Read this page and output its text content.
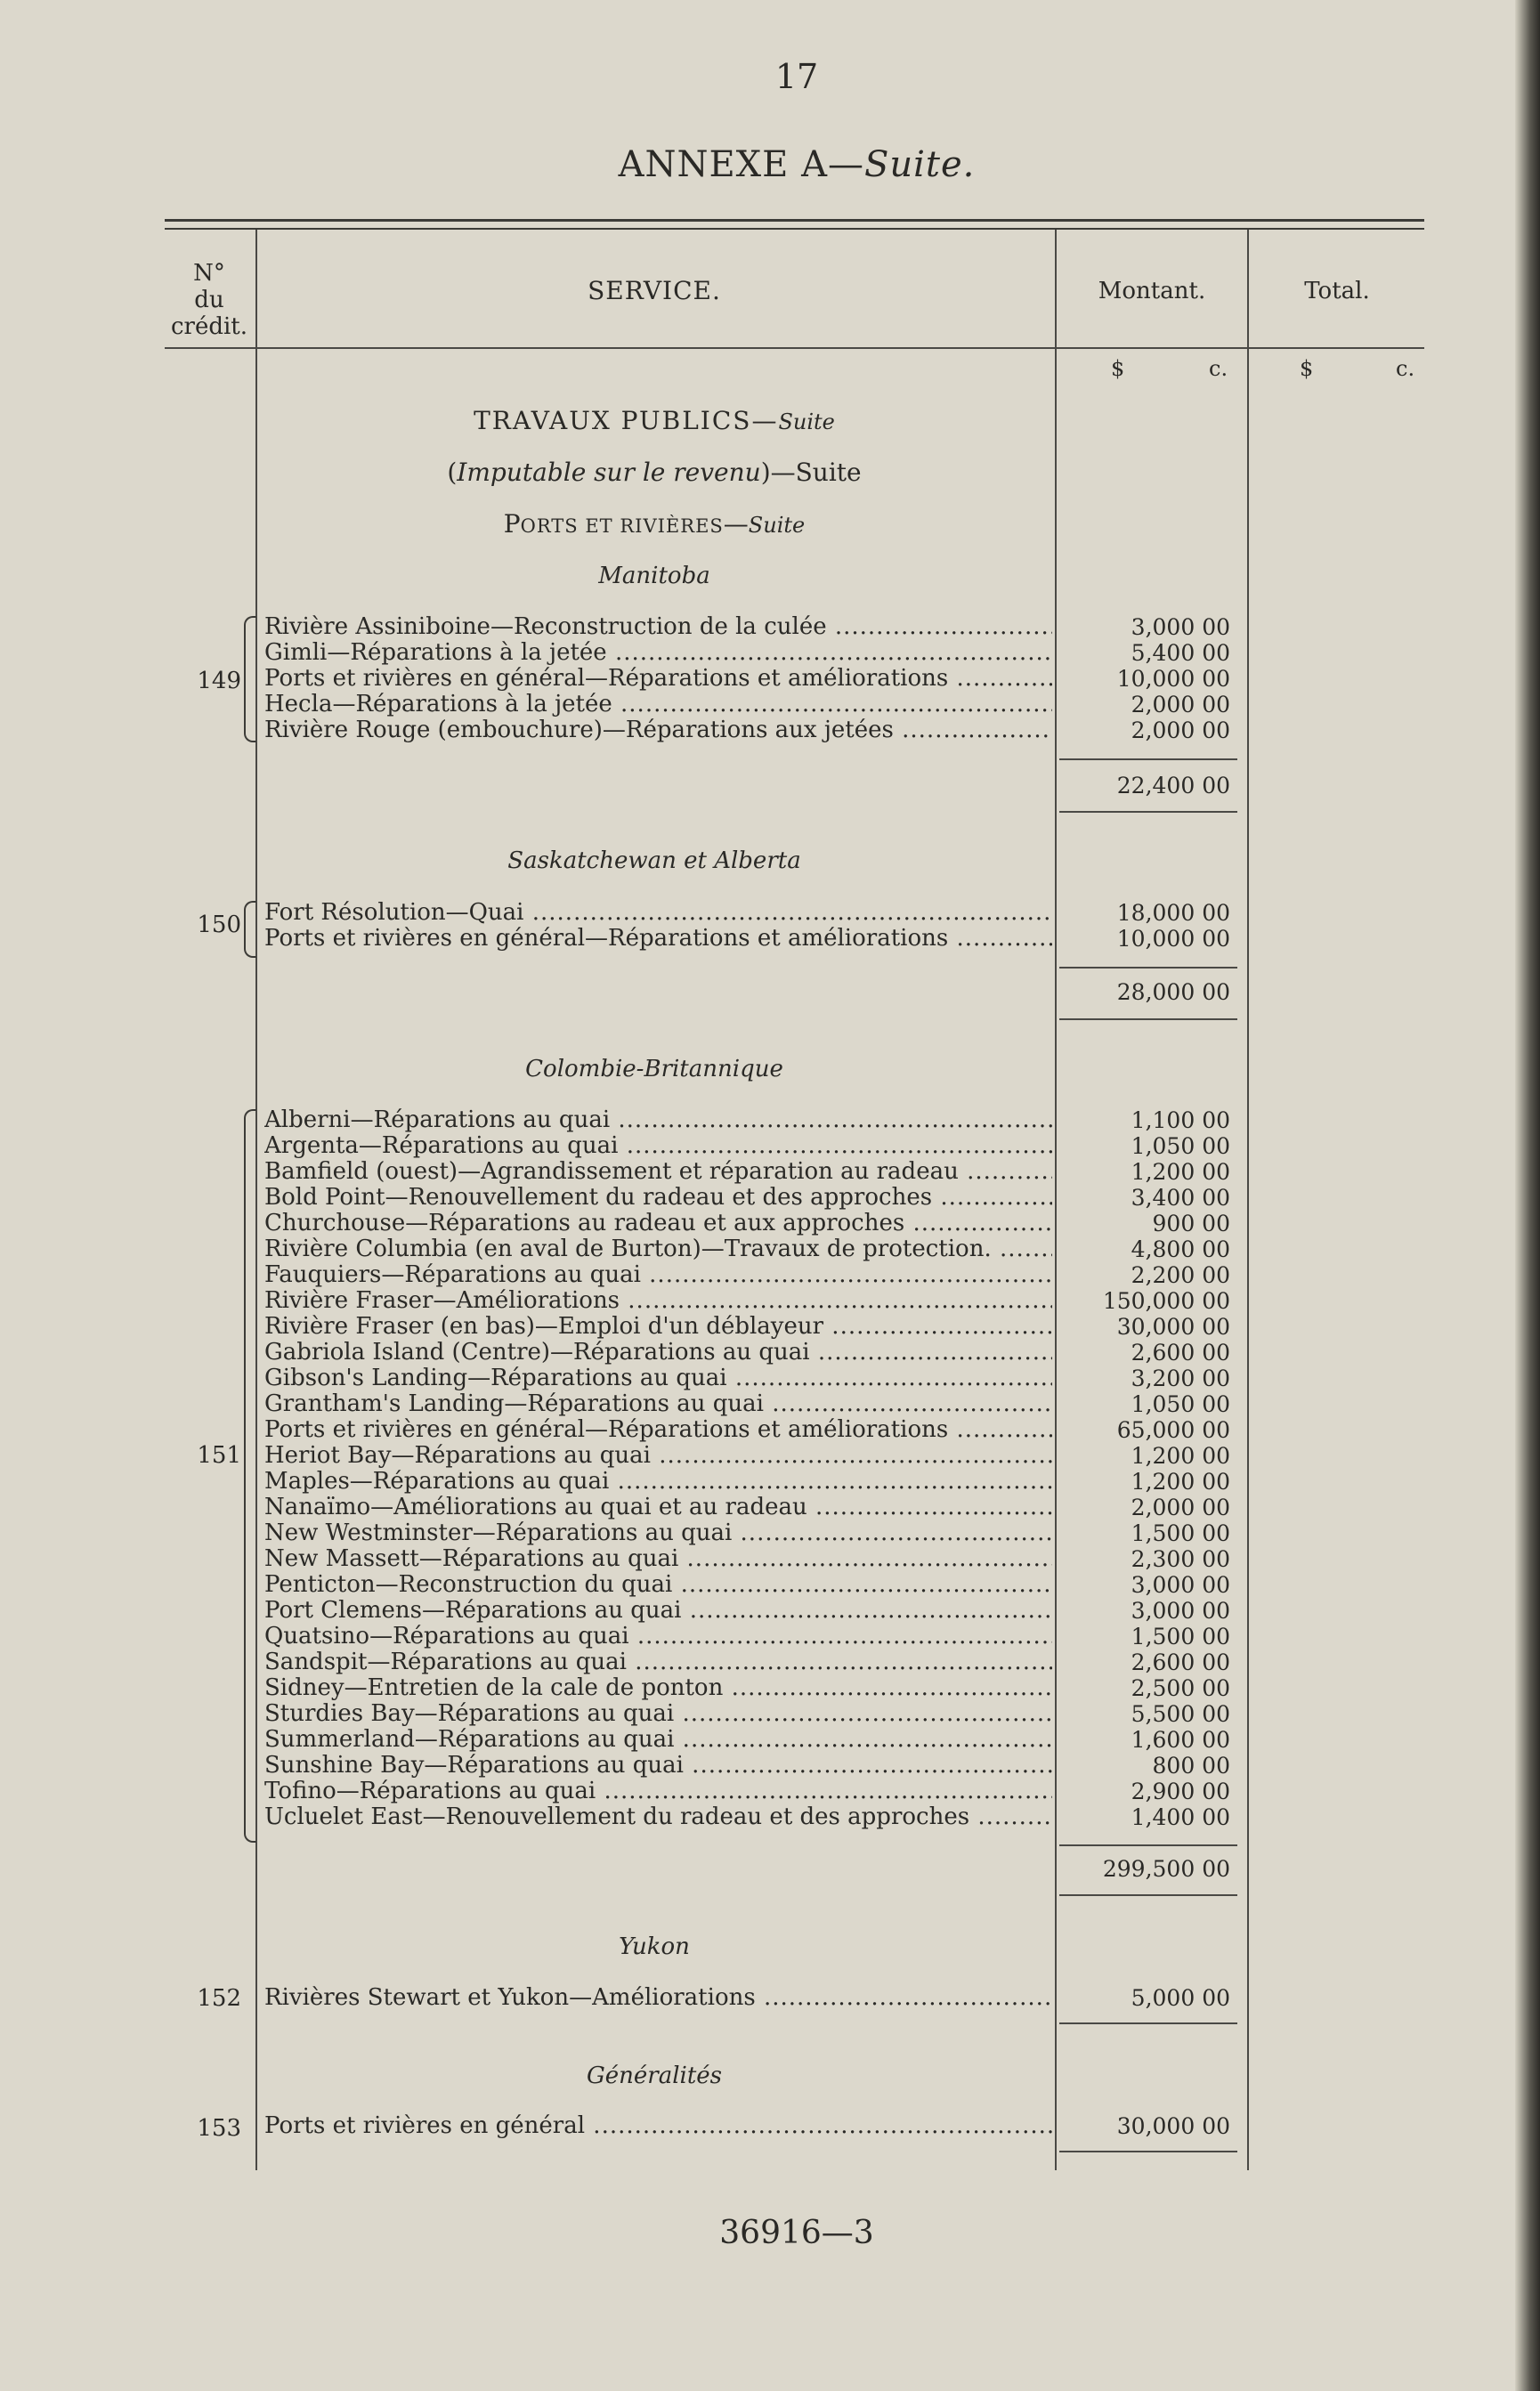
17
ANNEXE A—Suite.
N°
du
crédit.
SERVICE.	Montant.	Total.
$	c.	$	c.
TRAVAUX PUBLICS—Suite
(Imputable sur le revenu)—Suite
PORTS ET RIVIÈRES—Suite
Manitoba
Saskatchewan et Alberta
Colombie-Britannique
Yukon
Généralités
149
Rivière Assiniboine—Reconstruction de la culée .....	3,000 00
Gimli—Réparations à la jetée .....	5,400 00
Ports et rivières en général—Réparations et améliorations .....	10,000 00
Hecla—Réparations à la jetée .....	2,000 00
Rivière Rouge (embouchure)—Réparations aux jetées .....	2,000 00
22,400 00
150 Fort Résolution—Quai .....	18,000 00
Ports et rivières en général—Réparations et améliorations .....	10,000 00
28,000 00
151
Alberni—Réparations au quai .....	1,100 00
Argenta—Réparations au quai .....	1,050 00
Bamfield (ouest)—Agrandissement et réparation au radeau .....	1,200 00
Bold Point—Renouvellement du radeau et des approches .....	3,400 00
Churchouse—Réparations au radeau et aux approches .....	900 00
Rivière Columbia (en aval de Burton)—Travaux de protection. .....	4,800 00
Fauquiers—Réparations au quai .....	2,200 00
Rivière Fraser—Améliorations .....	150,000 00
Rivière Fraser (en bas)—Emploi d'un déblayeur .....	30,000 00
Gabriola Island (Centre)—Réparations au quai .....	2,600 00
Gibson's Landing—Réparations au quai .....	3,200 00
Grantham's Landing—Réparations au quai .....	1,050 00
Ports et rivières en général—Réparations et améliorations .....	65,000 00
Heriot Bay—Réparations au quai .....	1,200 00
Maples—Réparations au quai .....	1,200 00
Nanaïmo—Améliorations au quai et au radeau .....	2,000 00
New Westminster—Réparations au quai .....	1,500 00
New Massett—Réparations au quai .....	2,300 00
Penticton—Reconstruction du quai .....	3,000 00
Port Clemens—Réparations au quai .....	3,000 00
Quatsino—Réparations au quai .....	1,500 00
Sandspit—Réparations au quai .....	2,600 00
Sidney—Entretien de la cale de ponton .....	2,500 00
Sturdies Bay—Réparations au quai .....	5,500 00
Summerland—Réparations au quai .....	1,600 00
Sunshine Bay—Réparations au quai .....	800 00
Tofino—Réparations au quai .....	2,900 00
Ucluelet East—Renouvellement du radeau et des approches .....	1,400 00
299,500 00
152 Rivières Stewart et Yukon—Améliorations .....	5,000 00
153 Ports et rivières en général .....	30,000 00
36916—3
